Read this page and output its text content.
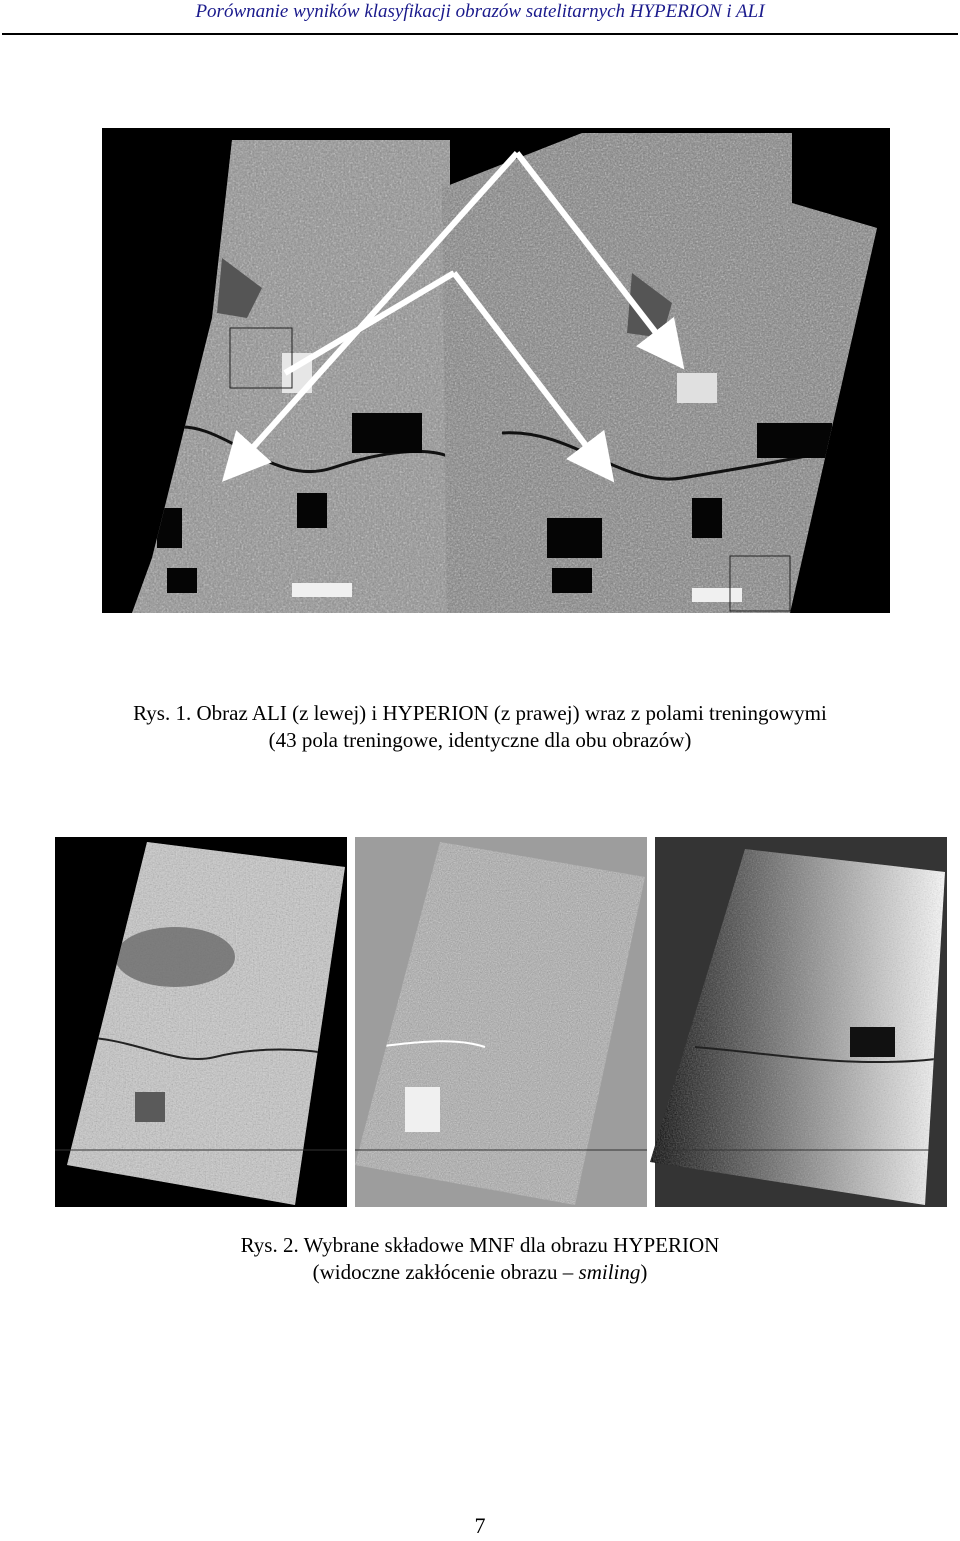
Porównanie wyników klasyfikacji obrazów satelitarnych HYPERION i ALI
Rys. 1. Obraz ALI (z lewej) i HYPERION (z prawej) wraz z polami treningowymi
(43 pola treningowe, identyczne dla obu obrazów)
Rys. 2. Wybrane składowe MNF dla obrazu HYPERION
(widoczne zakłócenie obrazu – smiling)
7
